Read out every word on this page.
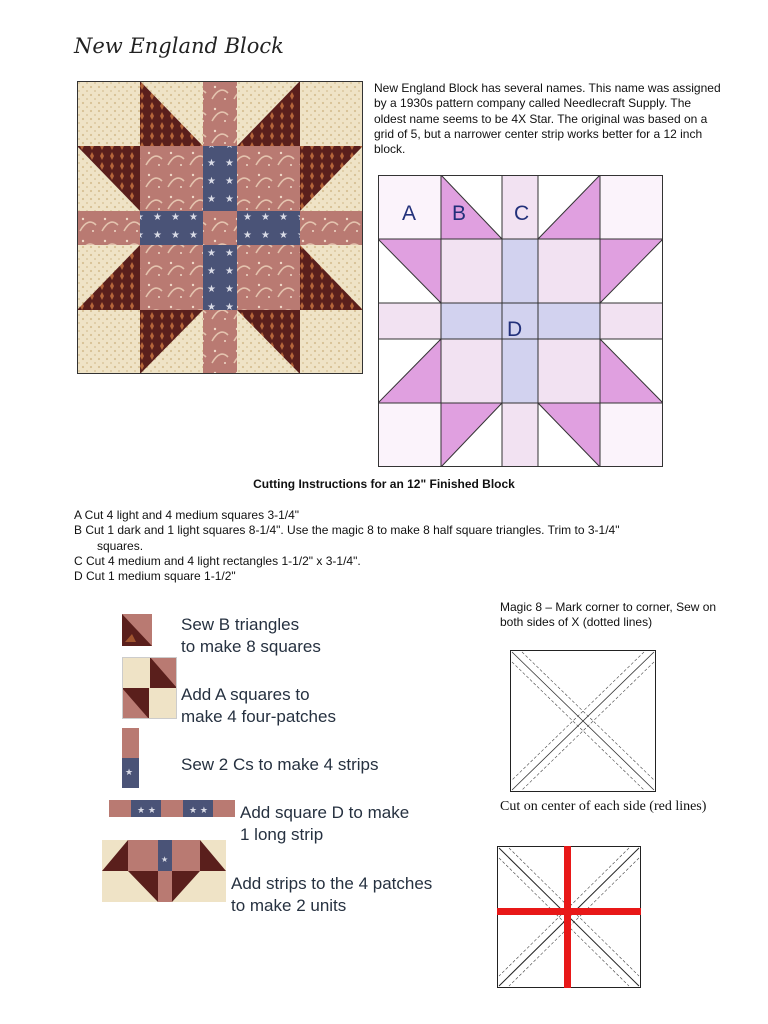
New England Block
New England Block has several names. This name was assigned by a 1930s pattern company called Needlecraft Supply. The oldest name seems to be 4X Star. The original was based on a grid of 5, but a narrower center strip works better for a 12 inch block.
A B C
D
Cutting Instructions for an 12" Finished Block
A Cut 4 light and 4 medium squares 3-1/4"
B Cut 1 dark and 1 light squares 8-1/4". Use the magic 8 to make 8 half square triangles. Trim to 3-1/4"
squares.
C Cut 4 medium and 4 light rectangles 1-1/2" x 3-1/4".
D Cut 1 medium square 1-1/2"
Sew B triangles
to make 8 squares
Add A squares to
make 4 four-patches
★	Sew 2 Cs to make 4 strips
★ ★	★ ★ Add square D to make
1 long strip
★
Add strips to the 4 patches
to make 2 units
Magic 8 – Mark corner to corner, Sew on both sides of X (dotted lines)
Cut on center of each side (red lines)
